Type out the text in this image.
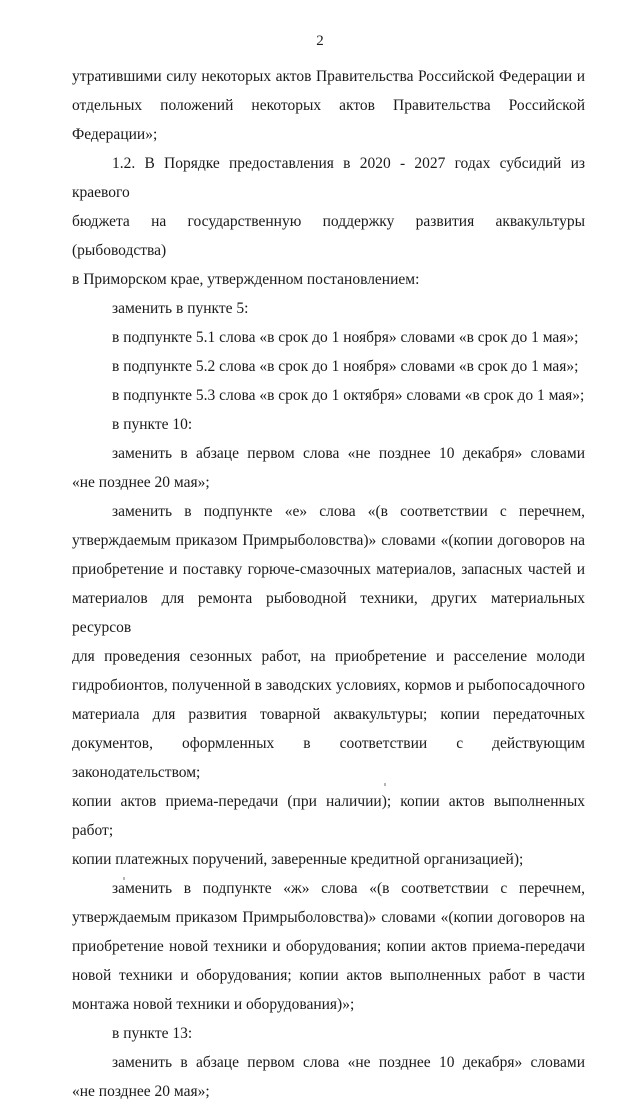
2

утратившими силу некоторых актов Правительства Российской Федерации и

отдельных положений некоторых актов Правительства Российской Федерации»;

1.2. В Порядке предоставления в 2020 - 2027 годах субсидий из краевого

бюджета на государственную поддержку развития аквакультуры (рыбоводства)

в Приморском крае, утвержденном постановлением:

заменить в пункте 5:

в подпункте 5.1 слова «в срок до 1 ноября» словами «в срок до 1 мая»;

в подпункте 5.2 слова «в срок до 1 ноября» словами «в срок до 1 мая»;

в подпункте 5.3 слова «в срок до 1 октября» словами «в срок до 1 мая»;

в пункте 10:

заменить в абзаце первом слова «не позднее 10 декабря» словами

«не позднее 20 мая»;

заменить в подпункте «е» слова «(в соответствии с перечнем,

утверждаемым приказом Примрыболовства)» словами «(копии договоров на

приобретение и поставку горюче-смазочных материалов, запасных частей и

материалов для ремонта рыбоводной техники, других материальных ресурсов

для проведения сезонных работ, на приобретение и расселение молоди

гидробионтов, полученной в заводских условиях, кормов и рыбопосадочного

материала для развития товарной аквакультуры; копии передаточных

документов, оформленных в соответствии с действующим законодательством;

копии актов приема-передачи (при наличии); копии актов выполненных работ;

копии платежных поручений, заверенные кредитной организацией);

заменить в подпункте «ж» слова «(в соответствии с перечнем,

утверждаемым приказом Примрыболовства)» словами «(копии договоров на

приобретение новой техники и оборудования; копии актов приема-передачи

новой техники и оборудования; копии актов выполненных работ в части

монтажа новой техники и оборудования)»;

в пункте 13:

заменить в абзаце первом слова «не позднее 10 декабря» словами

«не позднее 20 мая»;
